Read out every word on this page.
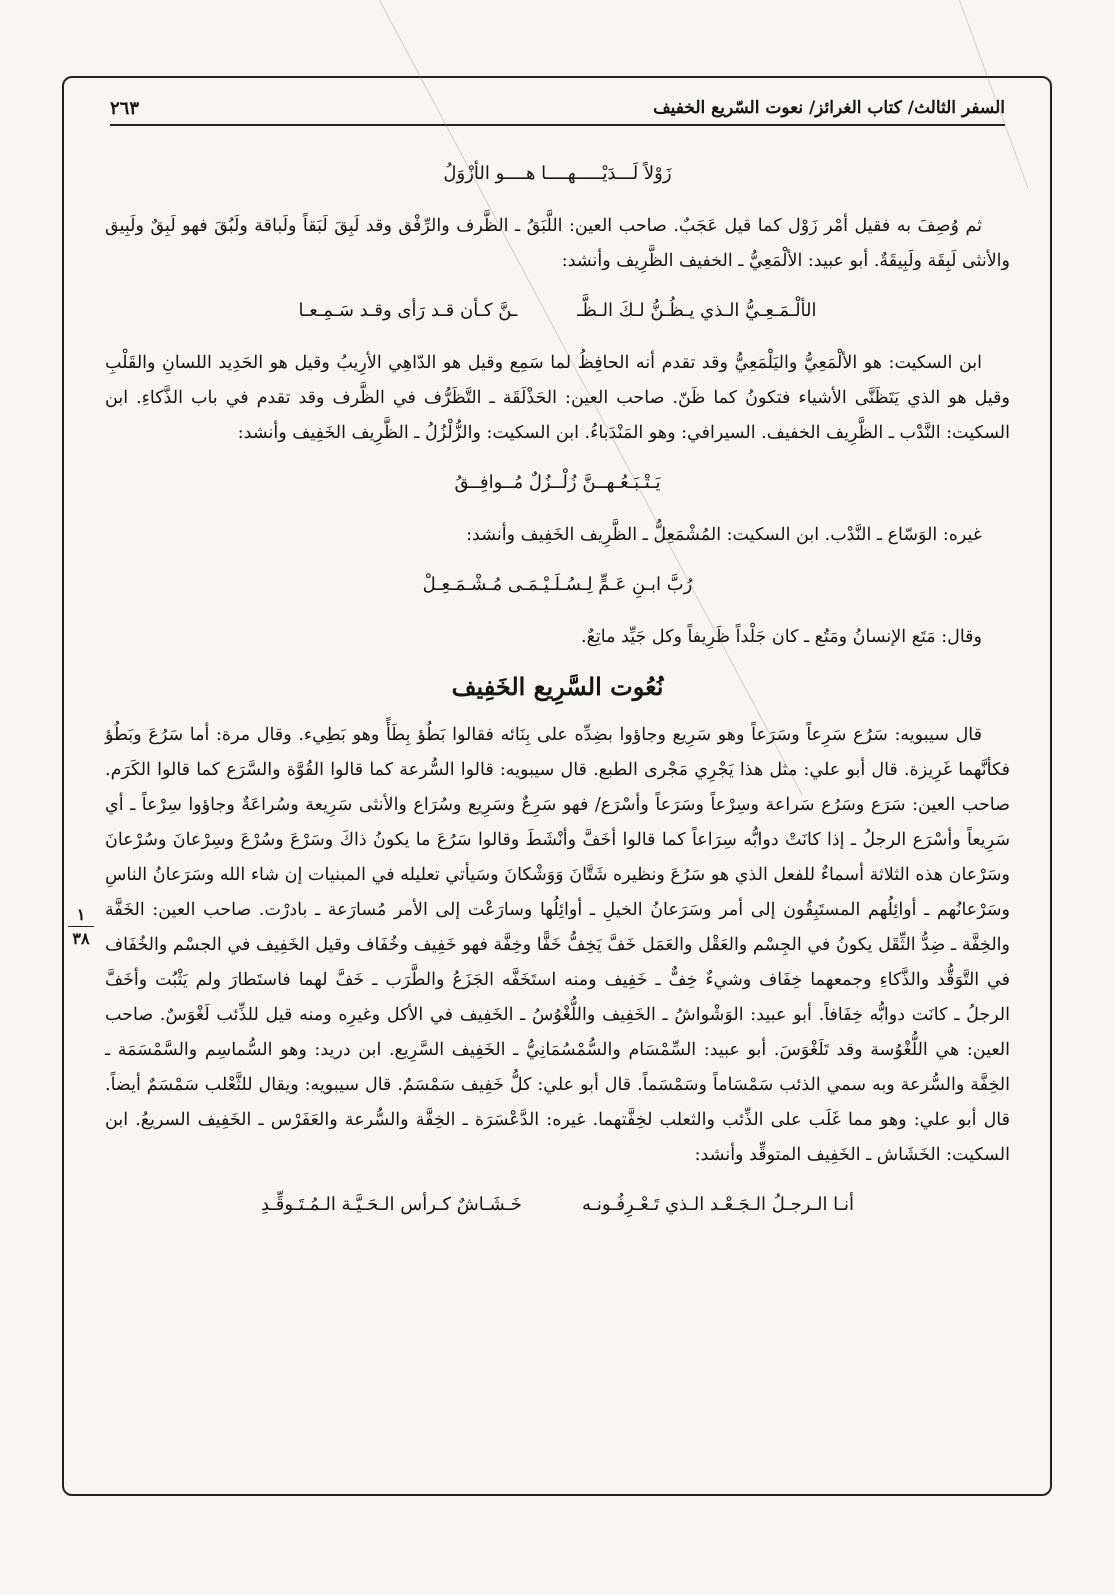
السفر الثالث/ كتاب الغرائز/ نعوت السّريع الخفيف
٢٦٣
١
٣٨
زَوْلاً لَـــدَيْـــــهــــا هــــو الأزْوَلُ

ثم وُصِفَ به فقيل أمْر زَوْل كما قيل عَجَبٌ. صاحب العين: اللَّبَقُ ـ الظَّرف والرِّفْق وقد لَبِقَ لَبَقاً ولَباقة ولَبُقَ فهو لَبِقٌ ولَبِيق والأنثى لَبِقَة ولَبِيقَةٌ. أبو عبيد: الألْمَعِيُّ ـ الخفيف الظَّرِيف وأنشد:

الألْـمَـعِـيُّ الـذي يـظُـنُّ لـكَ الـظَّـ
ـنَّ كـأن قـد رَأى وقـد سَـمِـعـا

ابن السكيت: هو الألْمَعِيُّ واليَلْمَعِيُّ وقد تقدم أنه الحافِظُ لما سَمِع وقيل هو الدّاهِي الأرِيبُ وقيل هو الحَدِيد اللسانِ والقَلْبِ وقيل هو الذي يَتَظَنَّى الأشياء فتكونُ كما ظَنّ. صاحب العين: الحَذْلَقَة ـ التَّظَرُّف في الظَّرف وقد تقدم في باب الذَّكاءِ. ابن السكيت: النَّدْب ـ الظَّرِيف الخفيف. السيرافي: وهو المَنْدَباءُ. ابن السكيت: والزُّلْزُلُ ـ الظَّرِيف الخَفِيف وأنشد:

يَـتْـبَـعُـهــنَّ زُلْــزُلٌ مُــوافِــقُ

غيره: الوَسّاع ـ النَّدْب. ابن السكيت: المُشْمَعِلُّ ـ الظَّرِيف الخَفِيف وأنشد:

رُبَّ ابـنِ عَـمٍّ لِـسُـلَـيْـمَـى مُـشْـمَـعِـلْ

وقال: مَتَع الإنسانُ ومَتُع ـ كان جَلْداً ظَرِيفاً وكل جَيِّد ماتِعٌ.

نُعُوت السَّرِيع الخَفِيف

قال سيبويه: سَرُع سَرِعاً وسَرَعاً وهو سَرِيع وجاؤوا بضِدِّه على بِنَائه فقالوا بَطُؤ بِطَأً وهو بَطِيء. وقال مرة: أما سَرُعَ وبَطُؤ فكأنَّهما غَرِيزة. قال أبو علي: مثل هذا يَجْرِي مَجْرى الطبع. قال سيبويه: قالوا السُّرعة كما قالوا القُوَّة والسَّرَع كما قالوا الكَرَم. صاحب العين: سَرَع وسَرُع سَراعة وسِرْعاً وسَرَعاً وأسْرَع/ فهو سَرِعٌ وسَرِيع وسُرَاع والأنثى سَرِيعة وسُراعَةٌ وجاؤوا سِرْعاً ـ أي سَرِيعاً وأسْرَع الرجلُ ـ إذا كانَتْ دوابُّه سِرَاعاً كما قالوا أخَفَّ وأنْشَطَ وقالوا سَرُعَ ما يكونُ ذاكَ وسَرْعَ وسُرْعَ وسِرْعانَ وسُرْعانَ وسَرْعان هذه الثلاثة أسماءٌ للفعل الذي هو سَرُعَ ونظيره شَتَّانَ وَوَشْكانَ وسَيأتي تعليله في المبنيات إن شاء الله وسَرَعانُ الناسِ وسَرْعانُهم ـ أوائِلُهم المستَبِقُون إلى أمر وسَرَعانُ الخيلِ ـ أوائِلُها وسارَعْت إلى الأمر مُسارَعة ـ بادرْت. صاحب العين: الخَفَّة والخِفَّة ـ ضِدُّ الثِّقَل يكونُ في الجِسْم والعَقْل والعَمَل خَفَّ يَخِفُّ خَفًّا وخِفَّة فهو خَفِيف وخُفَاف وقيل الخَفِيف في الجسْم والخُفَاف في التَّوَقُّد والذَّكاءِ وجمعهما خِفَاف وشيءٌ خِفٌّ ـ خَفِيف ومنه استَخَفَّه الجَزَعُ والطَّرَب ـ خَفَّ لهما فاستَطارَ ولم يَثْبُت وأخَفَّ الرجلُ ـ كانَت دوابُّه خِفَافاً. أبو عبيد: الوَشْواشُ ـ الخَفِيف واللُّغْوُسُ ـ الخَفِيف في الأكل وغيرِه ومنه قيل للذِّئب لَغْوَسٌ. صاحب العين: هي اللُّغْوُسة وقد تَلَغْوَسَ. أبو عبيد: السِّمْسَام والسُّمْسُمَانِيُّ ـ الخَفِيف السَّرِيع. ابن دريد: وهو السُّماسِم والسَّمْسَمَة ـ الخِفَّة والسُّرعة وبه سمي الذئب سَمْسَاماً وسَمْسَماً. قال أبو علي: كلُّ خَفِيف سَمْسَمٌ. قال سيبويه: ويقال للثَّعْلب سَمْسَمٌ أيضاً. قال أبو علي: وهو مما غَلَب على الذِّئب والثعلب لخِفَّتهما. غيره: الدَّعْسَرَة ـ الخِفَّة والسُّرعة والعَفَرْس ـ الخَفِيف السريعُ. ابن السكيت: الخَشَاش ـ الخَفِيف المتوقِّد وأنشد:

أنـا الـرجـلُ الـجَـعْـد الـذي تَـعْـرِفُـونـه
خَـشَـاشٌ كـرأس الـحَـيَّـة الـمُـتَـوقِّـدِ
